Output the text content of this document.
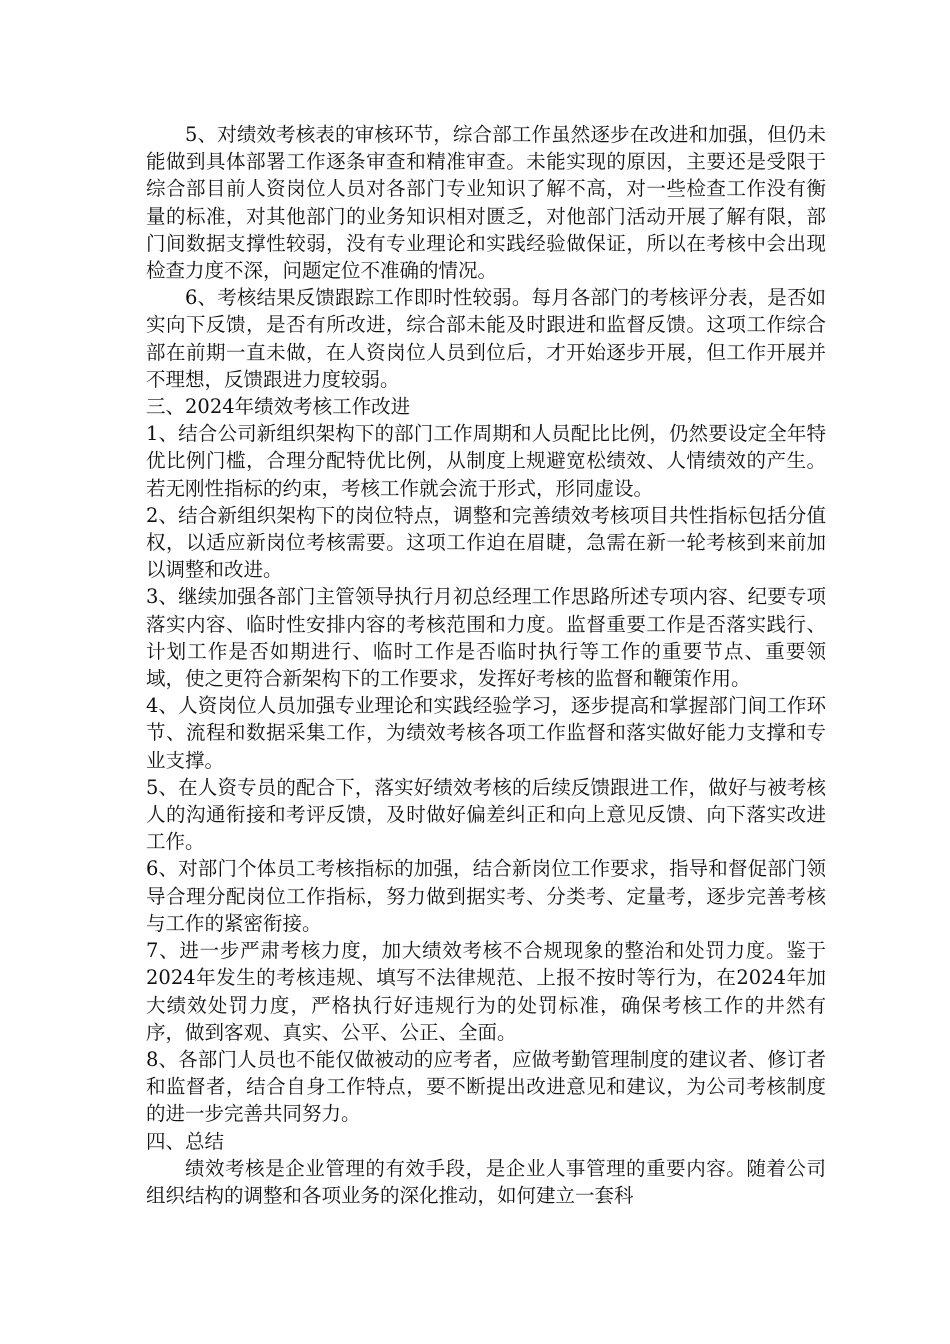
5、对绩效考核表的审核环节，综合部工作虽然逐步在改进和加强，但仍未能做到具体部署工作逐条审查和精准审查。未能实现的原因，主要还是受限于综合部目前人资岗位人员对各部门专业知识了解不高，对一些检查工作没有衡量的标准，对其他部门的业务知识相对匮乏，对他部门活动开展了解有限，部门间数据支撑性较弱，没有专业理论和实践经验做保证，所以在考核中会出现检查力度不深，问题定位不准确的情况。

6、考核结果反馈跟踪工作即时性较弱。每月各部门的考核评分表，是否如实向下反馈，是否有所改进，综合部未能及时跟进和监督反馈。这项工作综合部在前期一直未做，在人资岗位人员到位后，才开始逐步开展，但工作开展并不理想，反馈跟进力度较弱。

三、2024年绩效考核工作改进

1、结合公司新组织架构下的部门工作周期和人员配比比例，仍然要设定全年特优比例门槛，合理分配特优比例，从制度上规避宽松绩效、人情绩效的产生。若无刚性指标的约束，考核工作就会流于形式，形同虚设。

2、结合新组织架构下的岗位特点，调整和完善绩效考核项目共性指标包括分值权，以适应新岗位考核需要。这项工作迫在眉睫，急需在新一轮考核到来前加以调整和改进。

3、继续加强各部门主管领导执行月初总经理工作思路所述专项内容、纪要专项落实内容、临时性安排内容的考核范围和力度。监督重要工作是否落实践行、计划工作是否如期进行、临时工作是否临时执行等工作的重要节点、重要领域，使之更符合新架构下的工作要求，发挥好考核的监督和鞭策作用。

4、人资岗位人员加强专业理论和实践经验学习，逐步提高和掌握部门间工作环节、流程和数据采集工作，为绩效考核各项工作监督和落实做好能力支撑和专业支撑。

5、在人资专员的配合下，落实好绩效考核的后续反馈跟进工作，做好与被考核人的沟通衔接和考评反馈，及时做好偏差纠正和向上意见反馈、向下落实改进工作。

6、对部门个体员工考核指标的加强，结合新岗位工作要求，指导和督促部门领导合理分配岗位工作指标，努力做到据实考、分类考、定量考，逐步完善考核与工作的紧密衔接。

7、进一步严肃考核力度，加大绩效考核不合规现象的整治和处罚力度。鉴于2024年发生的考核违规、填写不法律规范、上报不按时等行为，在2024年加大绩效处罚力度，严格执行好违规行为的处罚标准，确保考核工作的井然有序，做到客观、真实、公平、公正、全面。

8、各部门人员也不能仅做被动的应考者，应做考勤管理制度的建议者、修订者和监督者，结合自身工作特点，要不断提出改进意见和建议，为公司考核制度的进一步完善共同努力。

四、总结

绩效考核是企业管理的有效手段，是企业人事管理的重要内容。随着公司组织结构的调整和各项业务的深化推动，如何建立一套科
